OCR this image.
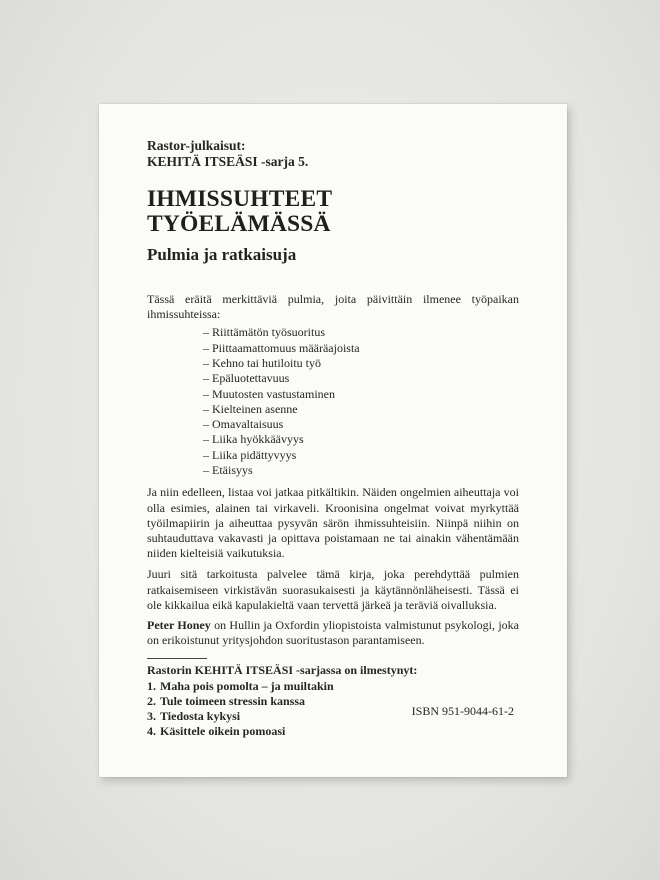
Rastor-julkaisut:
KEHITÄ ITSEÄSI -sarja 5.
IHMISSUHTEET
TYÖELÄMÄSSÄ
Pulmia ja ratkaisuja

Tässä eräitä merkittäviä pulmia, joita päivittäin ilmenee työpaikan ihmissuhteissa:

– Riittämätön työsuoritus
– Piittaamattomuus määräajoista
– Kehno tai hutiloitu työ
– Epäluotettavuus
– Muutosten vastustaminen
– Kielteinen asenne
– Omavaltaisuus
– Liika hyökkäävyys
– Liika pidättyvyys
– Etäisyys

Ja niin edelleen, listaa voi jatkaa pitkältikin. Näiden ongelmien aiheuttaja voi olla esimies, alainen tai virkaveli. Kroonisina ongelmat voivat myrkyttää työilmapiirin ja aiheuttaa pysyvän särön ihmissuhteisiin. Niinpä niihin on suhtauduttava vakavasti ja opittava poistamaan ne tai ainakin vähentämään niiden kielteisiä vaikutuksia.

Juuri sitä tarkoitusta palvelee tämä kirja, joka perehdyttää pulmien ratkaisemiseen virkistävän suorasukaisesti ja käytännönläheisesti. Tässä ei ole kikkailua eikä kapulakieltä vaan tervettä järkeä ja teräviä oivalluksia.

Peter Honey on Hullin ja Oxfordin yliopistoista valmistunut psykologi, joka on erikoistunut yritysjohdon suoritustason parantamiseen.

Rastorin KEHITÄ ITSEÄSI -sarjassa on ilmestynyt:
1. Maha pois pomolta – ja muiltakin
2. Tule toimeen stressin kanssa
3. Tiedosta kykysi
4. Käsittele oikein pomoasi
ISBN 951-9044-61-2
